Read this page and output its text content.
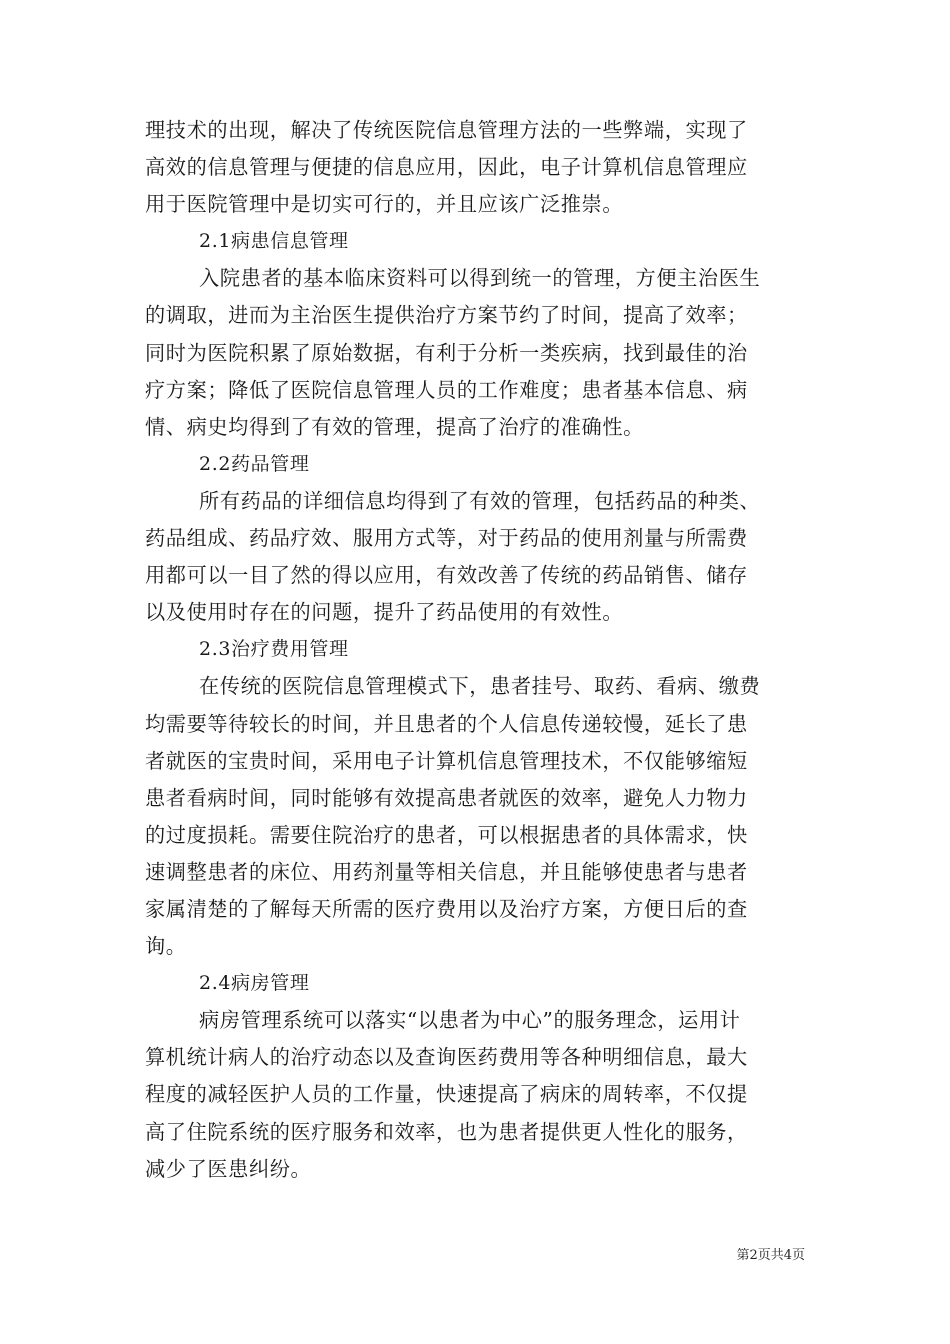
理技术的出现，解决了传统医院信息管理方法的一些弊端，实现了
高效的信息管理与便捷的信息应用，因此，电子计算机信息管理应
用于医院管理中是切实可行的，并且应该广泛推崇。
2.1病患信息管理
入院患者的基本临床资料可以得到统一的管理，方便主治医生
的调取，进而为主治医生提供治疗方案节约了时间，提高了效率；
同时为医院积累了原始数据，有利于分析一类疾病，找到最佳的治
疗方案；降低了医院信息管理人员的工作难度；患者基本信息、病
情、病史均得到了有效的管理，提高了治疗的准确性。
2.2药品管理
所有药品的详细信息均得到了有效的管理，包括药品的种类、
药品组成、药品疗效、服用方式等，对于药品的使用剂量与所需费
用都可以一目了然的得以应用，有效改善了传统的药品销售、储存
以及使用时存在的问题，提升了药品使用的有效性。
2.3治疗费用管理
在传统的医院信息管理模式下，患者挂号、取药、看病、缴费
均需要等待较长的时间，并且患者的个人信息传递较慢，延长了患
者就医的宝贵时间，采用电子计算机信息管理技术，不仅能够缩短
患者看病时间，同时能够有效提高患者就医的效率，避免人力物力
的过度损耗。需要住院治疗的患者，可以根据患者的具体需求，快
速调整患者的床位、用药剂量等相关信息，并且能够使患者与患者
家属清楚的了解每天所需的医疗费用以及治疗方案，方便日后的查
询。
2.4病房管理
病房管理系统可以落实“以患者为中心”的服务理念，运用计
算机统计病人的治疗动态以及查询医药费用等各种明细信息，最大
程度的减轻医护人员的工作量，快速提高了病床的周转率，不仅提
高了住院系统的医疗服务和效率，也为患者提供更人性化的服务，
减少了医患纠纷。
第2页共4页
